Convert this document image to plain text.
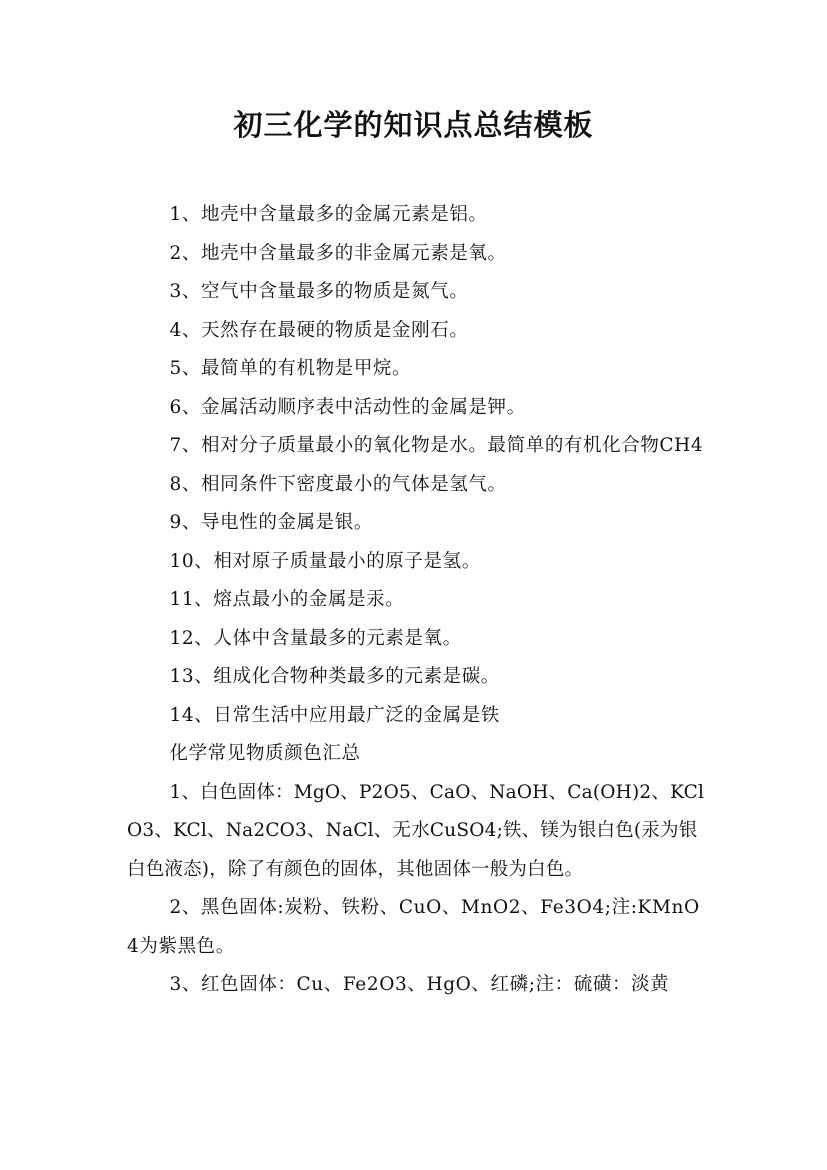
初三化学的知识点总结模板

1、地壳中含量最多的金属元素是铝。

2、地壳中含量最多的非金属元素是氧。

3、空气中含量最多的物质是氮气。

4、天然存在最硬的物质是金刚石。

5、最简单的有机物是甲烷。

6、金属活动顺序表中活动性的金属是钾。

7、相对分子质量最小的氧化物是水。最简单的有机化合物CH4

8、相同条件下密度最小的气体是氢气。

9、导电性的金属是银。

10、相对原子质量最小的原子是氢。

11、熔点最小的金属是汞。

12、人体中含量最多的元素是氧。

13、组成化合物种类最多的元素是碳。

14、日常生活中应用最广泛的金属是铁

化学常见物质颜色汇总

1、白色固体：MgO、P2O5、CaO、NaOH、Ca(OH)2、KClO3、KCl、Na2CO3、NaCl、无水CuSO4;铁、镁为银白色(汞为银白色液态)，除了有颜色的固体，其他固体一般为白色。

2、黑色固体:炭粉、铁粉、CuO、MnO2、Fe3O4;注:KMnO4为紫黑色。

3、红色固体：Cu、Fe2O3、HgO、红磷;注：硫磺：淡黄
